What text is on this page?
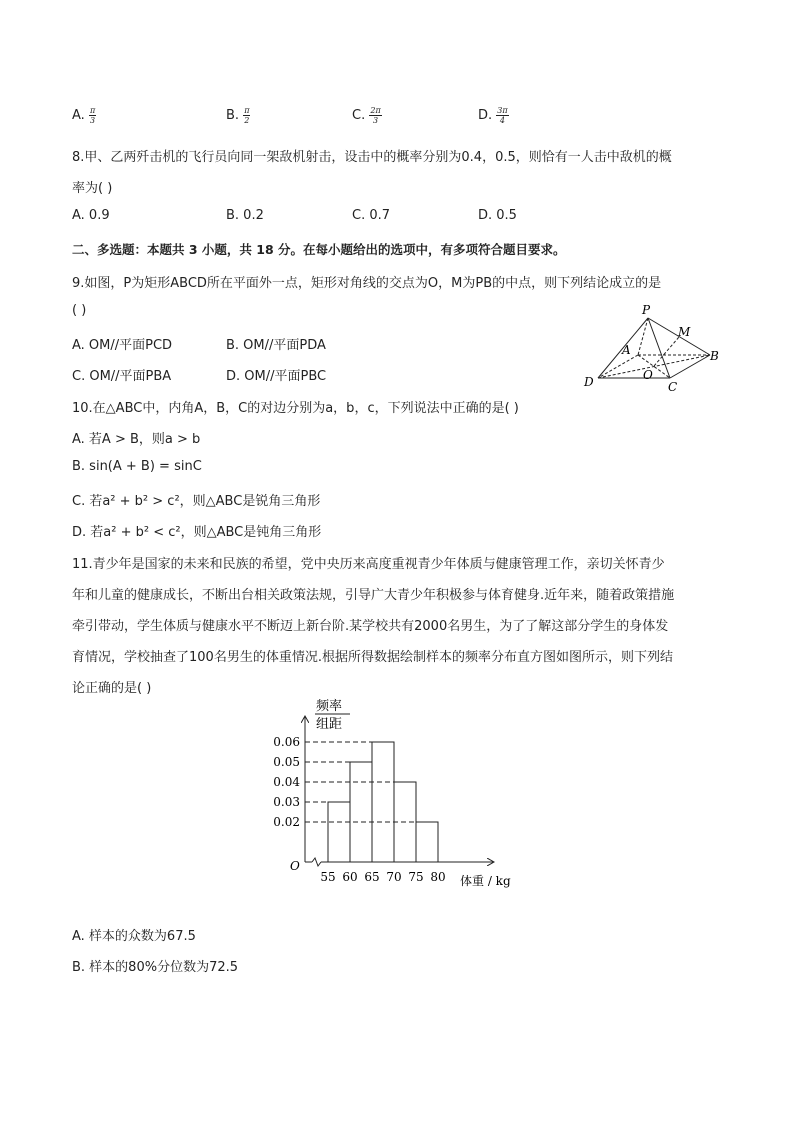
A. $\frac{\pi}{3}$	B. $\frac{\pi}{2}$	C. $\frac{2\pi}{3}$	D. $\frac{3\pi}{4}$
8.甲、乙两歼击机的飞行员向同一架敌机射击，设击中的概率分别为0.4，0.5，则恰有一人击中敌机的概
率为( )
A. 0.9	B. 0.2	C. 0.7	D. 0.5
二、多选题：本题共 3 小题，共 18 分。在每小题给出的选项中，有多项符合题目要求。
9.如图，P为矩形ABCD所在平面外一点，矩形对角线的交点为O，M为PB的中点，则下列结论成立的是
( )
A. OM//平面PCD	B. OM//平面PDA
C. OM//平面PBA	D. OM//平面PBC
P
M
A	B
O
D	C
10.在△ABC中，内角A，B，C的对边分别为a，b，c，下列说法中正确的是( )
A. 若A > B，则a > b
B. sin(A + B) = sinC
C. 若a² + b² > c²，则△ABC是锐角三角形
D. 若a² + b² < c²，则△ABC是钝角三角形
11.青少年是国家的未来和民族的希望，党中央历来高度重视青少年体质与健康管理工作，亲切关怀青少
年和儿童的健康成长，不断出台相关政策法规，引导广大青少年积极参与体育健身.近年来，随着政策措施
牵引带动，学生体质与健康水平不断迈上新台阶.某学校共有2000名男生，为了了解这部分学生的身体发
育情况，学校抽查了100名男生的体重情况.根据所得数据绘制样本的频率分布直方图如图所示，则下列结
论正确的是( )
频率
组距
O
体重 / kg
0.06
0.05
0.04
0.03
0.02
55 60 65 70 75 80
A. 样本的众数为67.5
B. 样本的80%分位数为72.5
